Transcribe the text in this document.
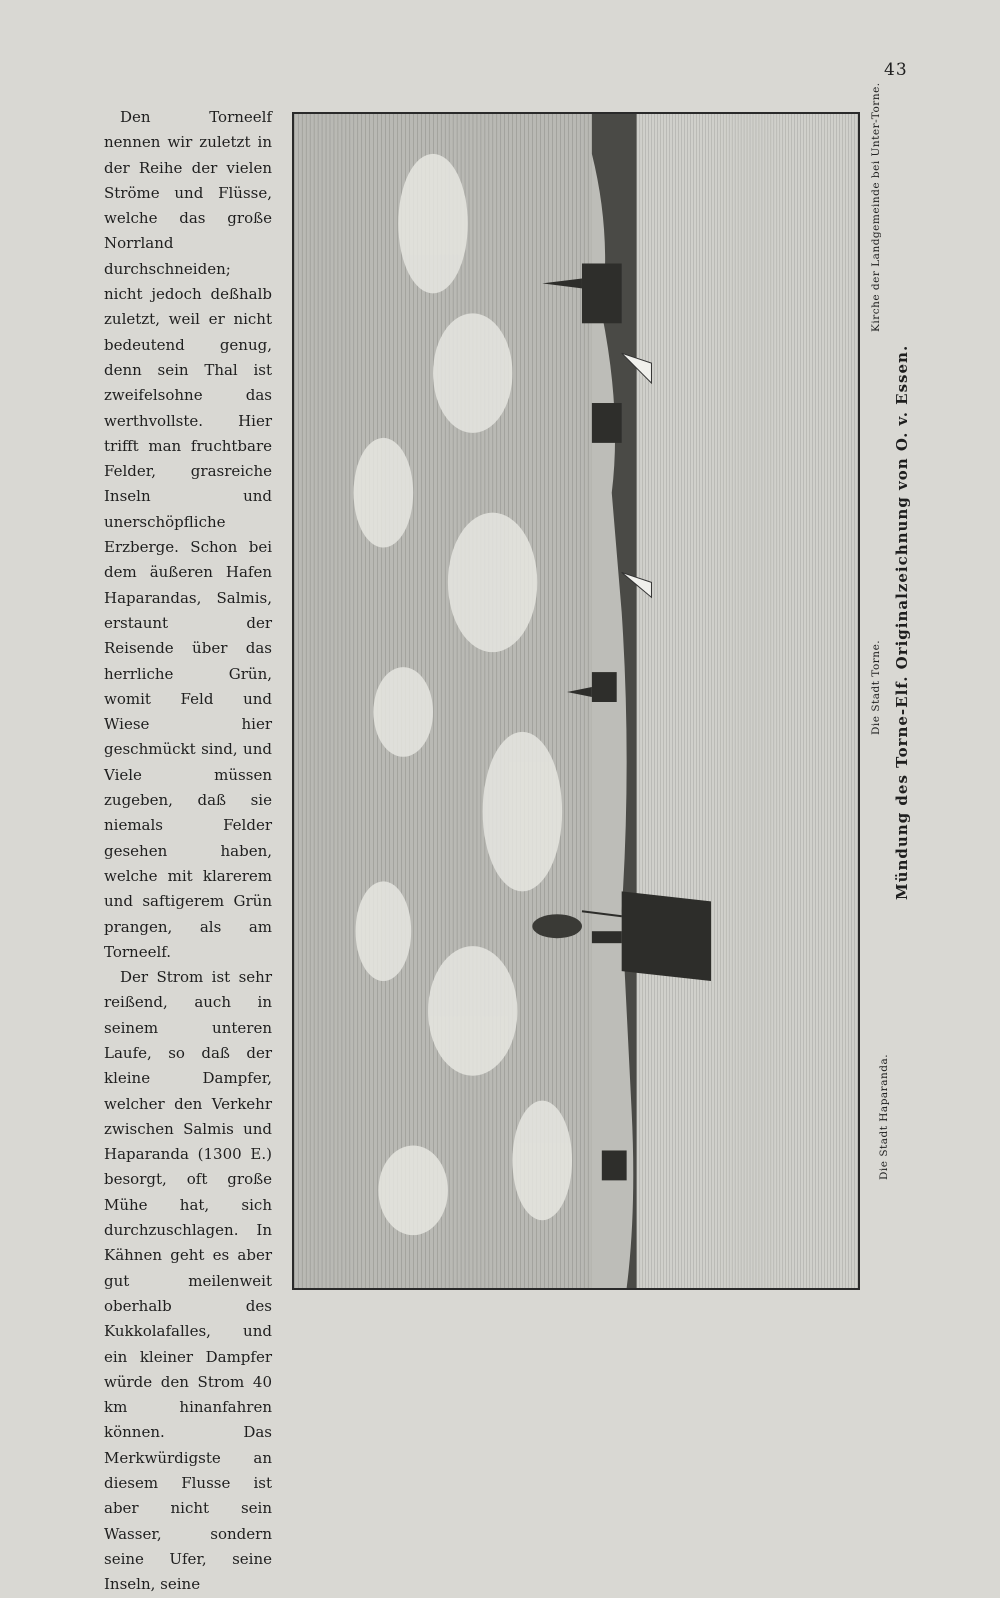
43

Den Torneelf nennen wir zuletzt in der Reihe der vielen Ströme und Flüsse, welche das große Norrland durchschneiden; nicht jedoch deßhalb zuletzt, weil er nicht bedeutend genug, denn sein Thal ist zweifelsohne das werthvollste. Hier trifft man fruchtbare Felder, grasreiche Inseln und unerschöpfliche Erzberge. Schon bei dem äußeren Hafen Haparandas, Salmis, erstaunt der Reisende über das herrliche Grün, womit Feld und Wiese hier geschmückt sind, und Viele müssen zugeben, daß sie niemals Felder gesehen haben, welche mit klarerem und saftigerem Grün prangen, als am Torneelf.

Der Strom ist sehr reißend, auch in seinem unteren Laufe, so daß der kleine Dampfer, welcher den Verkehr zwischen Salmis und Haparanda (1300 E.) besorgt, oft große Mühe hat, sich durchzuschlagen. In Kähnen geht es aber gut meilenweit oberhalb des Kukkolafalles, und ein kleiner Dampfer würde den Strom 40 km hinanfahren können. Das Merkwürdigste an diesem Flusse ist aber nicht sein Wasser, sondern seine Ufer, seine Inseln, seine

Kirche der Landgemeinde bei Unter-Torne.
Mündung des Torne-Elf. Originalzeichnung von O. v. Essen.
Die Stadt Torne.
Die Stadt Haparanda.
